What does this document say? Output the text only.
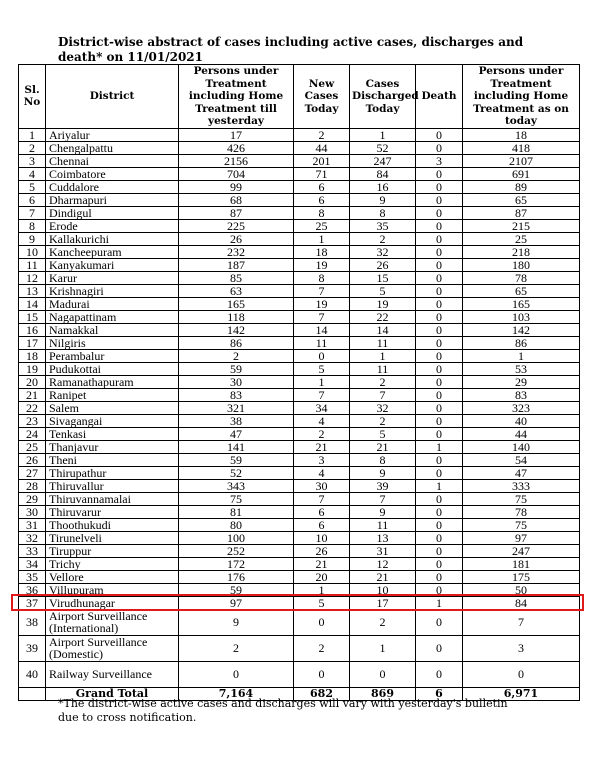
District-wise abstract of cases including active cases, discharges and death* on 11/01/2021
Sl. No	District	Persons under Treatment including Home Treatment till yesterday	New Cases Today	Cases Discharged Today	Death	Persons under Treatment including Home Treatment as on today
1	Ariyalur	17	2	1	0	18
2	Chengalpattu	426	44	52	0	418
3	Chennai	2156	201	247	3	2107
4	Coimbatore	704	71	84	0	691
5	Cuddalore	99	6	16	0	89
6	Dharmapuri	68	6	9	0	65
7	Dindigul	87	8	8	0	87
8	Erode	225	25	35	0	215
9	Kallakurichi	26	1	2	0	25
10	Kancheepuram	232	18	32	0	218
11	Kanyakumari	187	19	26	0	180
12	Karur	85	8	15	0	78
13	Krishnagiri	63	7	5	0	65
14	Madurai	165	19	19	0	165
15	Nagapattinam	118	7	22	0	103
16	Namakkal	142	14	14	0	142
17	Nilgiris	86	11	11	0	86
18	Perambalur	2	0	1	0	1
19	Pudukottai	59	5	11	0	53
20	Ramanathapuram	30	1	2	0	29
21	Ranipet	83	7	7	0	83
22	Salem	321	34	32	0	323
23	Sivagangai	38	4	2	0	40
24	Tenkasi	47	2	5	0	44
25	Thanjavur	141	21	21	1	140
26	Theni	59	3	8	0	54
27	Thirupathur	52	4	9	0	47
28	Thiruvallur	343	30	39	1	333
29	Thiruvannamalai	75	7	7	0	75
30	Thiruvarur	81	6	9	0	78
31	Thoothukudi	80	6	11	0	75
32	Tirunelveli	100	10	13	0	97
33	Tiruppur	252	26	31	0	247
34	Trichy	172	21	12	0	181
35	Vellore	176	20	21	0	175
36	Villupuram	59	1	10	0	50
37	Virudhunagar	97	5	17	1	84
38	Airport Surveillance (International)	9	0	2	0	7
39	Airport Surveillance (Domestic)	2	2	1	0	3
40	Railway Surveillance	0	0	0	0	0
	Grand Total	7,164	682	869	6	6,971
*The district-wise active cases and discharges will vary with yesterday's bulletin due to cross notification.
